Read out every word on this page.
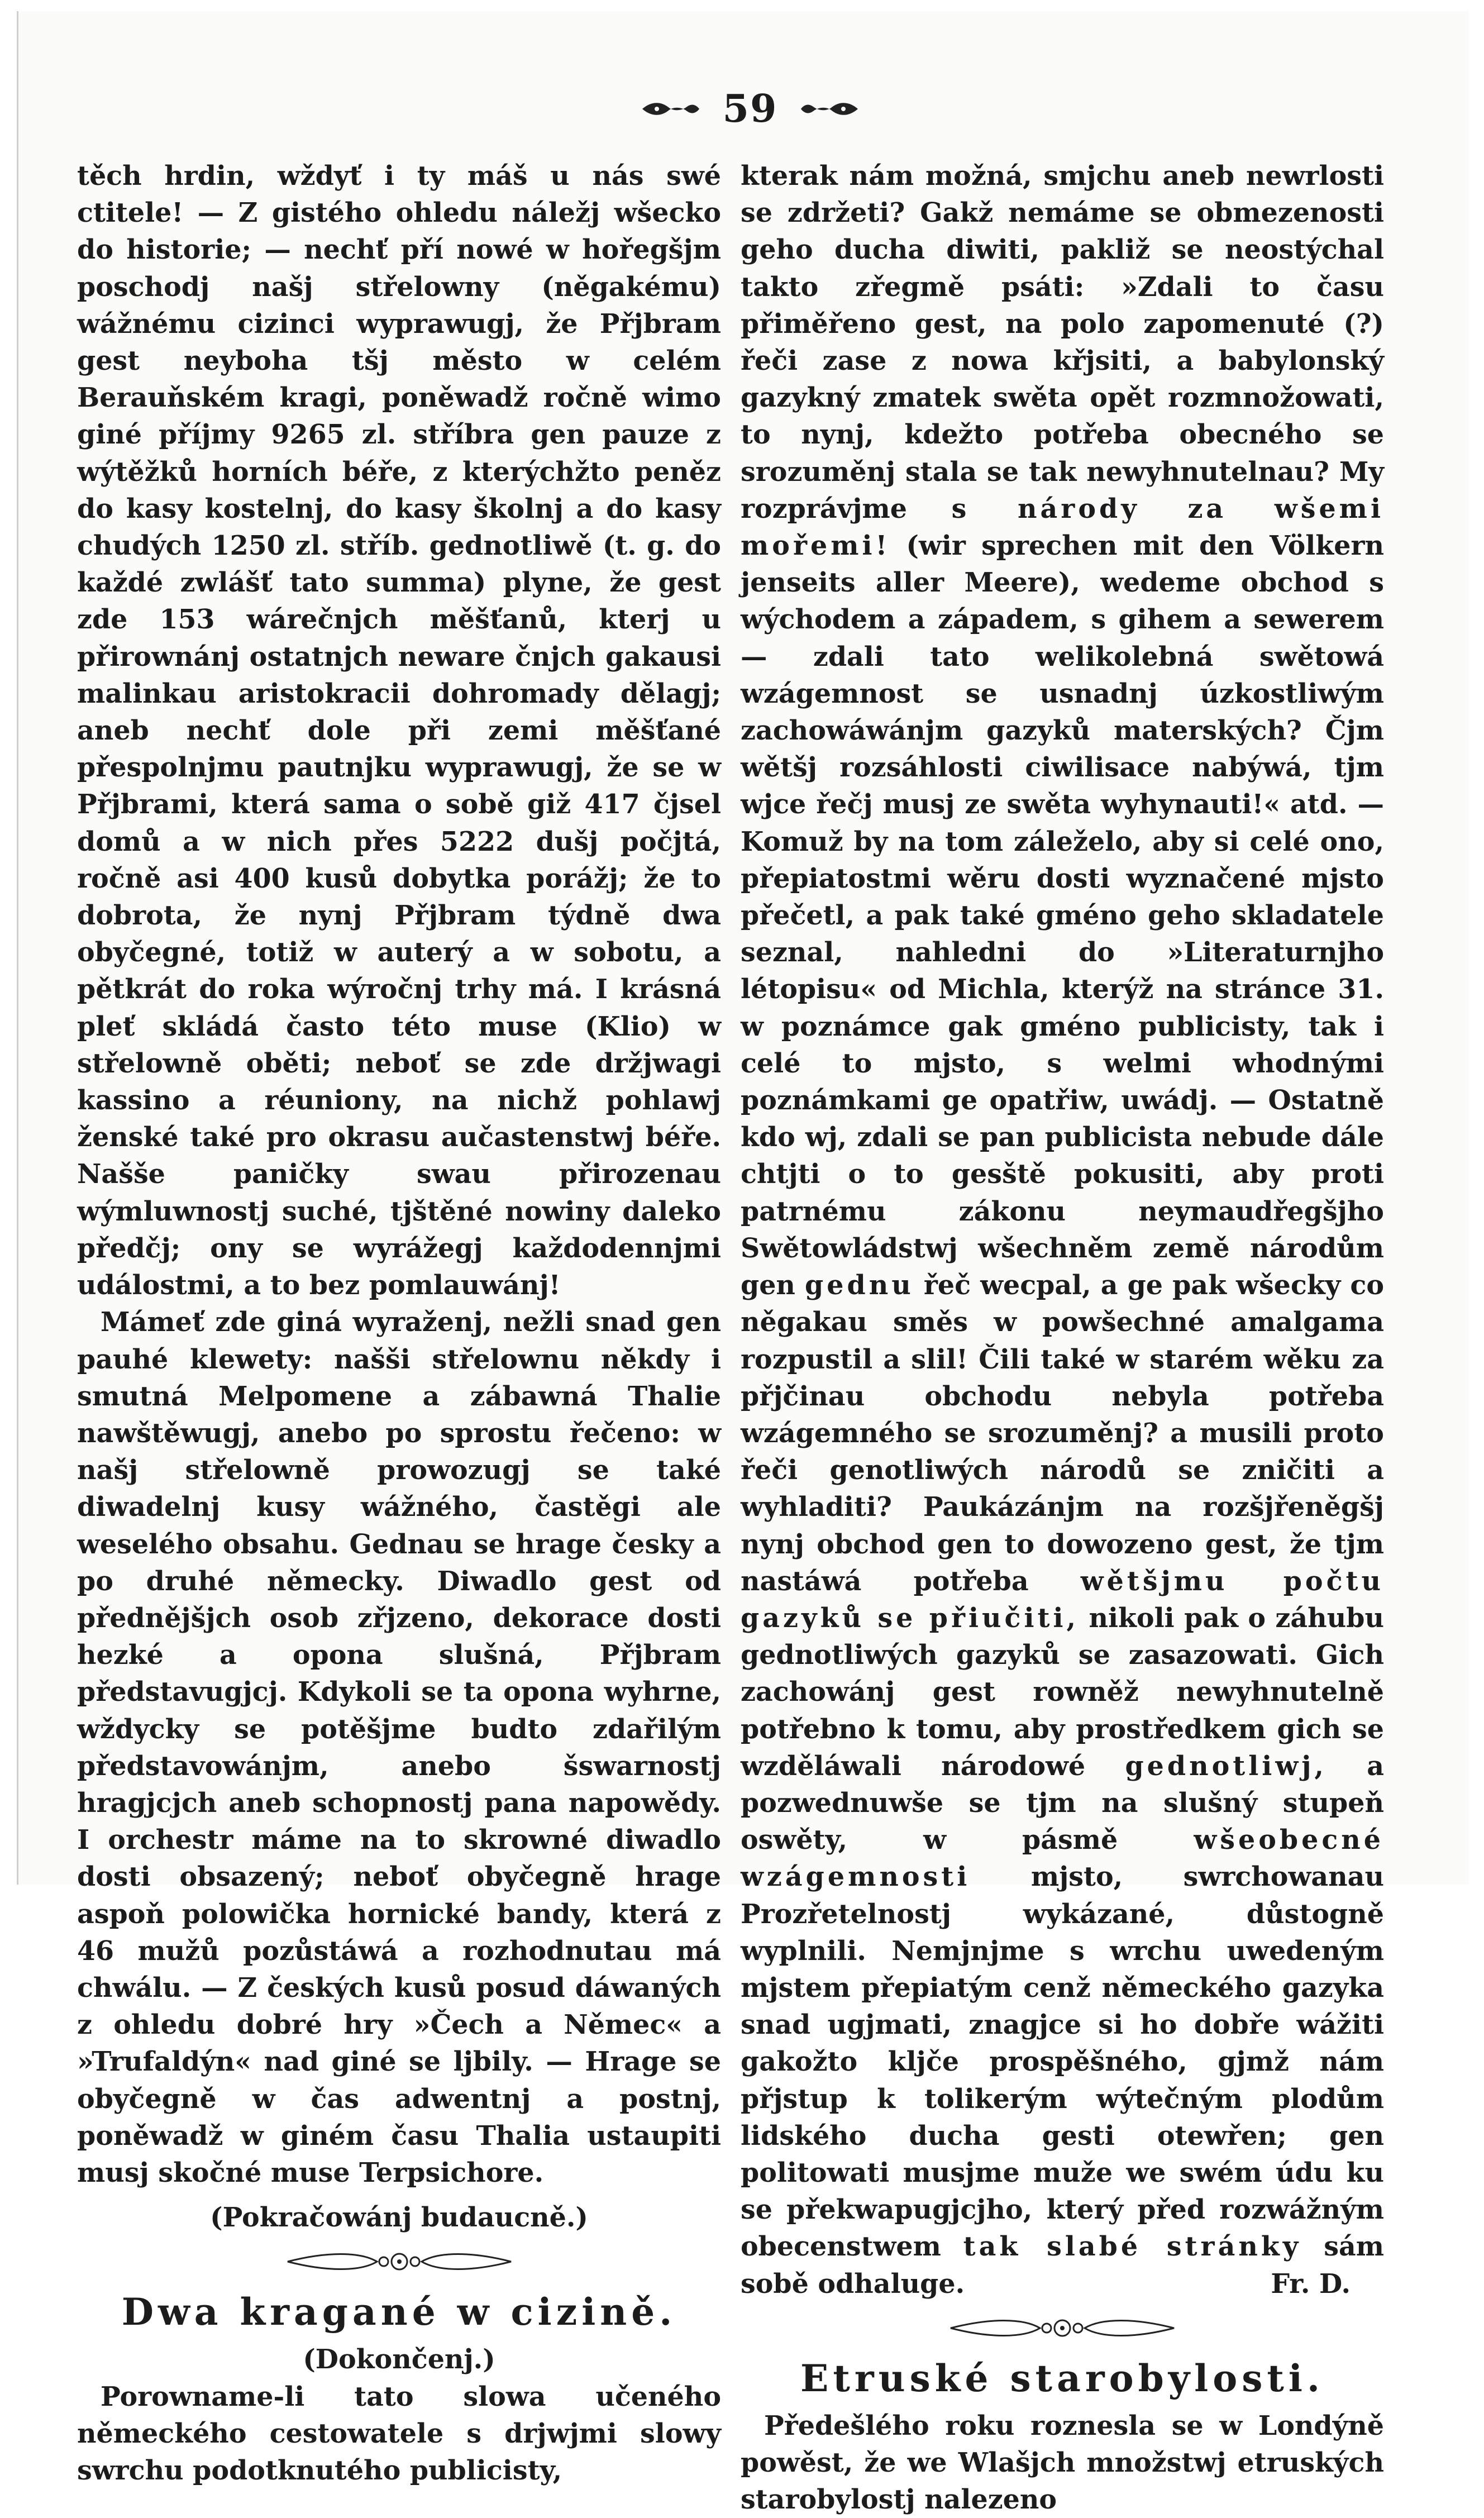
59

těch hrdin, wždyť i ty máš u nás swé ctitele! — Z gistého ohledu náležj wšecko do historie; — nechť pří nowé w hořegšjm poschodj našj střelowny (něgakému) wážnému cizinci wyprawugj, že Přjbram gest neyboha tšj město w celém Berauňském kragi, poněwadž ročně wimo giné příjmy 9265 zl. stříbra gen pauze z wýtěžků horních béře, z kterýchžto peněz do kasy kostelnj, do kasy školnj a do kasy chudých 1250 zl. stříb. gednotliwě (t. g. do každé zwlášť tato summa) plyne, že gest zde 153 wárečnjch měšťanů, kterj u přirownánj ostatnjch neware čnjch gakausi malinkau aristokracii dohromady dělagj; aneb nechť dole při zemi měšťané přespolnjmu pautnjku wyprawugj, že se w Přjbrami, která sama o sobě giž 417 čjsel domů a w nich přes 5222 dušj počjtá, ročně asi 400 kusů dobytka porážj; že to dobrota, že nynj Přjbram týdně dwa obyčegné, totiž w auterý a w sobotu, a pětkrát do roka wýročnj trhy má. I krásná pleť skládá často této muse (Klio) w střelowně oběti; neboť se zde držjwagi kassino a réuniony, na nichž pohlawj ženské také pro okrasu aučastenstwj béře. Našše paničky swau přirozenau wýmluwnostj suché, tjštěné nowiny daleko předčj; ony se wyrážegj každodennjmi událostmi, a to bez pomlauwánj!

Mámeť zde giná wyraženj, nežli snad gen pauhé klewety: našši střelownu někdy i smutná Melpomene a zábawná Thalie nawštěwugj, anebo po sprostu řečeno: w našj střelowně prowozugj se také diwadelnj kusy wážného, častěgi ale weselého obsahu. Gednau se hrage česky a po druhé německy. Diwadlo gest od přednějšjch osob zřjzeno, dekorace dosti hezké a opona slušná, Přjbram představugjcj. Kdykoli se ta opona wyhrne, wždycky se potěšjme budto zdařilým představowánjm, anebo šswarnostj hragjcjch aneb schopnostj pana napowědy. I orchestr máme na to skrowné diwadlo dosti obsazený; neboť obyčegně hrage aspoň polowička hornické bandy, která z 46 mužů pozůstáwá a rozhodnutau má chwálu. — Z českých kusů posud dáwaných z ohledu dobré hry »Čech a Němec« a »Trufaldýn« nad giné se ljbily. — Hrage se obyčegně w čas adwentnj a postnj, poněwadž w giném času Thalia ustaupiti musj skočné muse Terpsichore.

(Pokračowánj budaucně.)

Dwa kragané w cizině.
(Dokončenj.)

Porowname-li tato slowa učeného německého cestowatele s drjwjmi slowy swrchu podotknutého publicisty,

kterak nám možná, smjchu aneb newrlosti se zdržeti? Gakž nemáme se obmezenosti geho ducha diwiti, pakliž se neostýchal takto zřegmě psáti: »Zdali to času přiměřeno gest, na polo zapomenuté (?) řeči zase z nowa křjsiti, a babylonský gazykný zmatek swěta opět rozmnožowati, to nynj, kdežto potřeba obecného se srozuměnj stala se tak newyhnutelnau? My rozprávjme s národy za wšemi mořemi! (wir sprechen mit den Völkern jenseits aller Meere), wedeme obchod s wýchodem a západem, s gihem a sewerem — zdali tato welikolebná swětowá wzágemnost se usnadnj úzkostliwým zachowáwánjm gazyků materských? Čjm wětšj rozsáhlosti ciwilisace nabýwá, tjm wjce řečj musj ze swěta wyhynauti!« atd. — Komuž by na tom záleželo, aby si celé ono, přepiatostmi wěru dosti wyznačené mjsto přečetl, a pak také gméno geho skladatele seznal, nahledni do »Literaturnjho létopisu« od Michla, kterýž na stránce 31. w poznámce gak gméno publicisty, tak i celé to mjsto, s welmi whodnými poznámkami ge opatřiw, uwádj. — Ostatně kdo wj, zdali se pan publicista nebude dále chtjti o to gesště pokusiti, aby proti patrnému zákonu neymaudřegšjho Swětowládstwj wšechněm země národům gen gednu řeč wecpal, a ge pak wšecky co něgakau směs w powšechné amalgama rozpustil a slil! Čili také w starém wěku za přjčinau obchodu nebyla potřeba wzágemného se srozuměnj? a musili proto řeči genotliwých národů se zničiti a wyhladiti? Paukázánjm na rozšjřeněgšj nynj obchod gen to dowozeno gest, že tjm nastáwá potřeba wětšjmu počtu gazyků se přiučiti, nikoli pak o záhubu gednotliwých gazyků se zasazowati. Gich zachowánj gest rowněž newyhnutelně potřebno k tomu, aby prostředkem gich se wzděláwali národowé gednotliwj, a pozwednuwše se tjm na slušný stupeň oswěty, w pásmě	wšeobecné wzágemnosti mjsto, swrchowanau Prozřetelnostj wykázané, důstogně wyplnili. Nemjnjme s wrchu uwedeným mjstem přepiatým cenž německého gazyka snad ugjmati, znagjce si ho dobře wážiti gakožto kljče prospěšného, gjmž nám přjstup k tolikerým wýtečným plodům lidského ducha gesti otewřen; gen politowati musjme muže we swém údu ku se překwapugjcjho, který před rozwážným obecenstwem tak slabé stránky sám sobě odhaluge.	Fr. D.

Etruské starobylosti.

Předešlého roku roznesla se w Londýně powěst, že we Wlašjch množstwj etruských starobylostj nalezeno
